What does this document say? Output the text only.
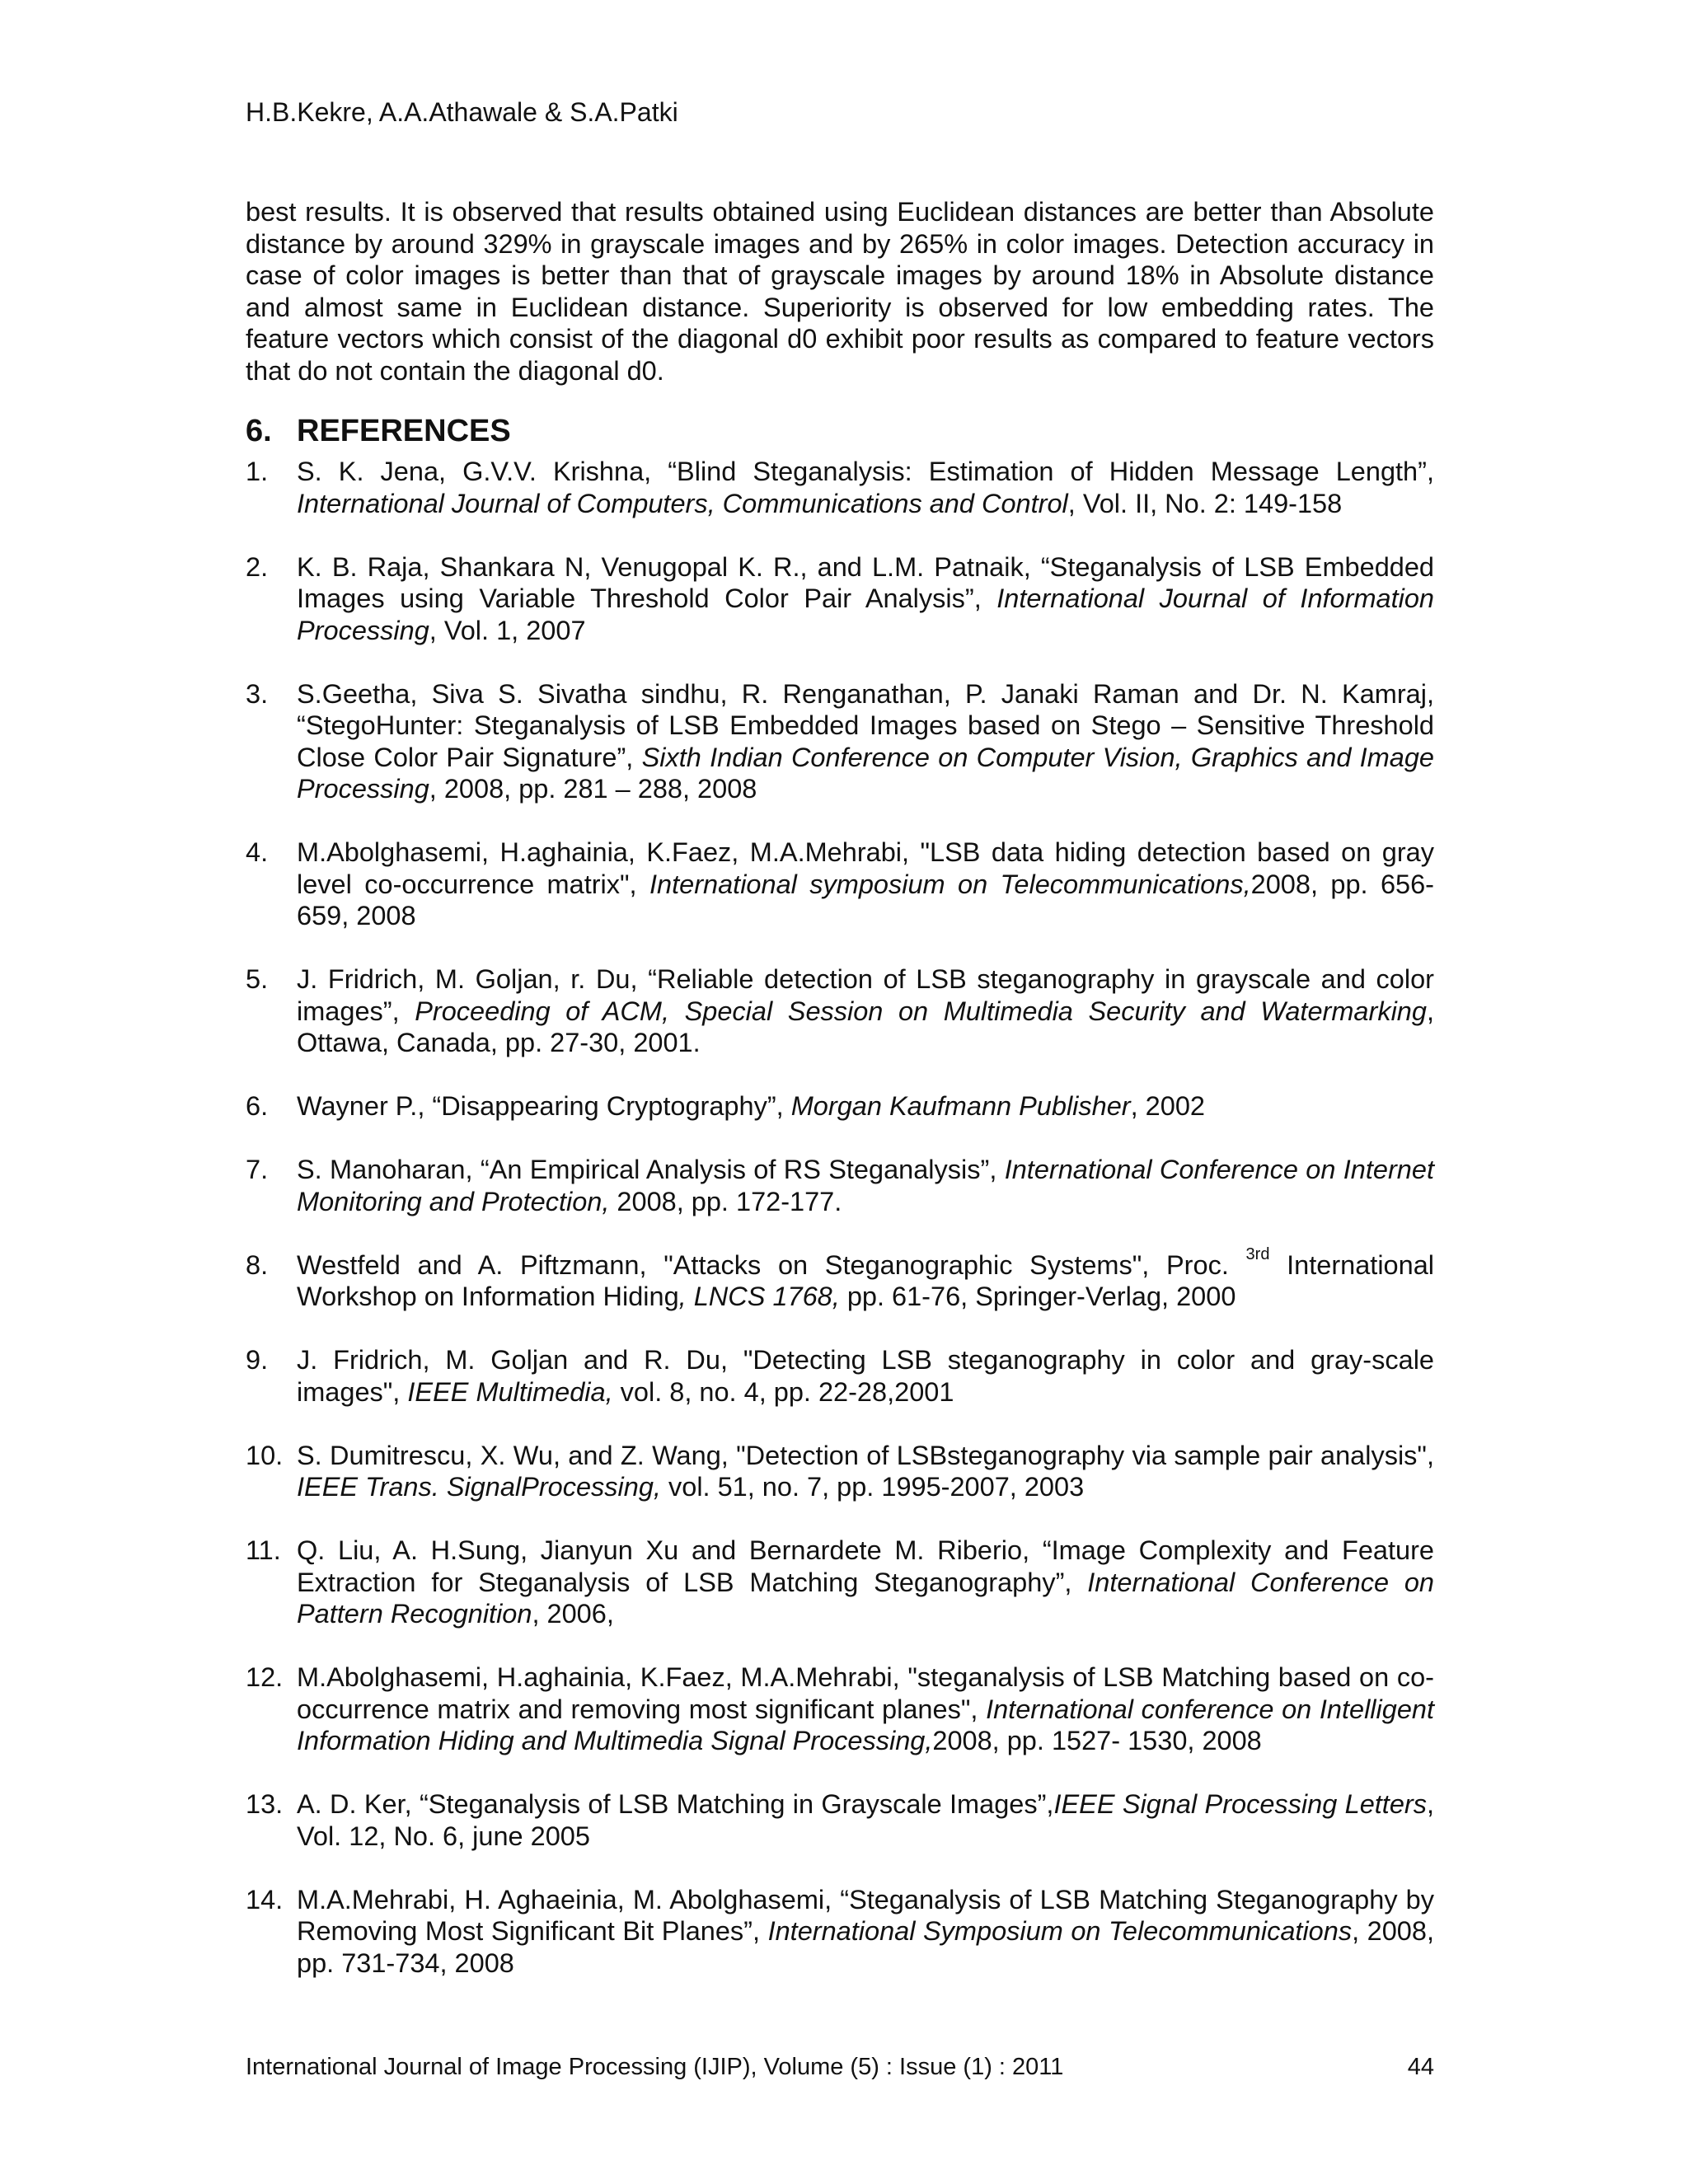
H.B.Kekre, A.A.Athawale & S.A.Patki

best results. It is observed that results obtained using Euclidean distances are better than Absolute distance by around 329% in grayscale images and by 265% in color images. Detection accuracy in case of color images is better than that of grayscale images by around 18% in Absolute distance and almost same in Euclidean distance. Superiority is observed for low embedding rates. The feature vectors which consist of the diagonal d0 exhibit poor results as compared to feature vectors that do not contain the diagonal d0.

6. REFERENCES
1. S. K. Jena, G.V.V. Krishna, “Blind Steganalysis: Estimation of Hidden Message Length”, International Journal of Computers, Communications and Control, Vol. II, No. 2: 149-158
2. K. B. Raja, Shankara N, Venugopal K. R., and L.M. Patnaik, “Steganalysis of LSB Embedded Images using Variable Threshold Color Pair Analysis”, International Journal of Information Processing, Vol. 1, 2007
3. S.Geetha, Siva S. Sivatha sindhu, R. Renganathan, P. Janaki Raman and Dr. N. Kamraj, “StegoHunter: Steganalysis of LSB Embedded Images based on Stego – Sensitive Threshold Close Color Pair Signature”, Sixth Indian Conference on Computer Vision, Graphics and Image Processing, 2008, pp. 281 – 288, 2008
4. M.Abolghasemi, H.aghainia, K.Faez, M.A.Mehrabi, "LSB data hiding detection based on gray level co-occurrence matrix", International symposium on Telecommunications,2008, pp. 656-659, 2008
5. J. Fridrich, M. Goljan, r. Du, “Reliable detection of LSB steganography in grayscale and color images”, Proceeding of ACM, Special Session on Multimedia Security and Watermarking, Ottawa, Canada, pp. 27-30, 2001.
6. Wayner P., “Disappearing Cryptography”, Morgan Kaufmann Publisher, 2002
7. S. Manoharan, “An Empirical Analysis of RS Steganalysis”, International Conference on Internet Monitoring and Protection, 2008, pp. 172-177.
8. Westfeld and A. Piftzmann, "Attacks on Steganographic Systems", Proc. $^{3rd}$ International Workshop on Information Hiding, LNCS 1768, pp. 61-76, Springer-Verlag, 2000
9. J. Fridrich, M. Goljan and R. Du, "Detecting LSB steganography in color and gray-scale images", IEEE Multimedia, vol. 8, no. 4, pp. 22-28,2001
10. S. Dumitrescu, X. Wu, and Z. Wang, "Detection of LSBsteganography via sample pair analysis", IEEE Trans. SignalProcessing, vol. 51, no. 7, pp. 1995-2007, 2003
11. Q. Liu, A. H.Sung, Jianyun Xu and Bernardete M. Riberio, “Image Complexity and Feature Extraction for Steganalysis of LSB Matching Steganography”, International Conference on Pattern Recognition, 2006,
12. M.Abolghasemi, H.aghainia, K.Faez, M.A.Mehrabi, "steganalysis of LSB Matching based on co-occurrence matrix and removing most significant planes", International conference on Intelligent Information Hiding and Multimedia Signal Processing,2008, pp. 1527- 1530, 2008
13. A. D. Ker, “Steganalysis of LSB Matching in Grayscale Images”,IEEE Signal Processing Letters, Vol. 12, No. 6, june 2005
14. M.A.Mehrabi, H. Aghaeinia, M. Abolghasemi, “Steganalysis of LSB Matching Steganography by Removing Most Significant Bit Planes”, International Symposium on Telecommunications, 2008, pp. 731-734, 2008
International Journal of Image Processing (IJIP), Volume (5) : Issue (1) : 2011	44
